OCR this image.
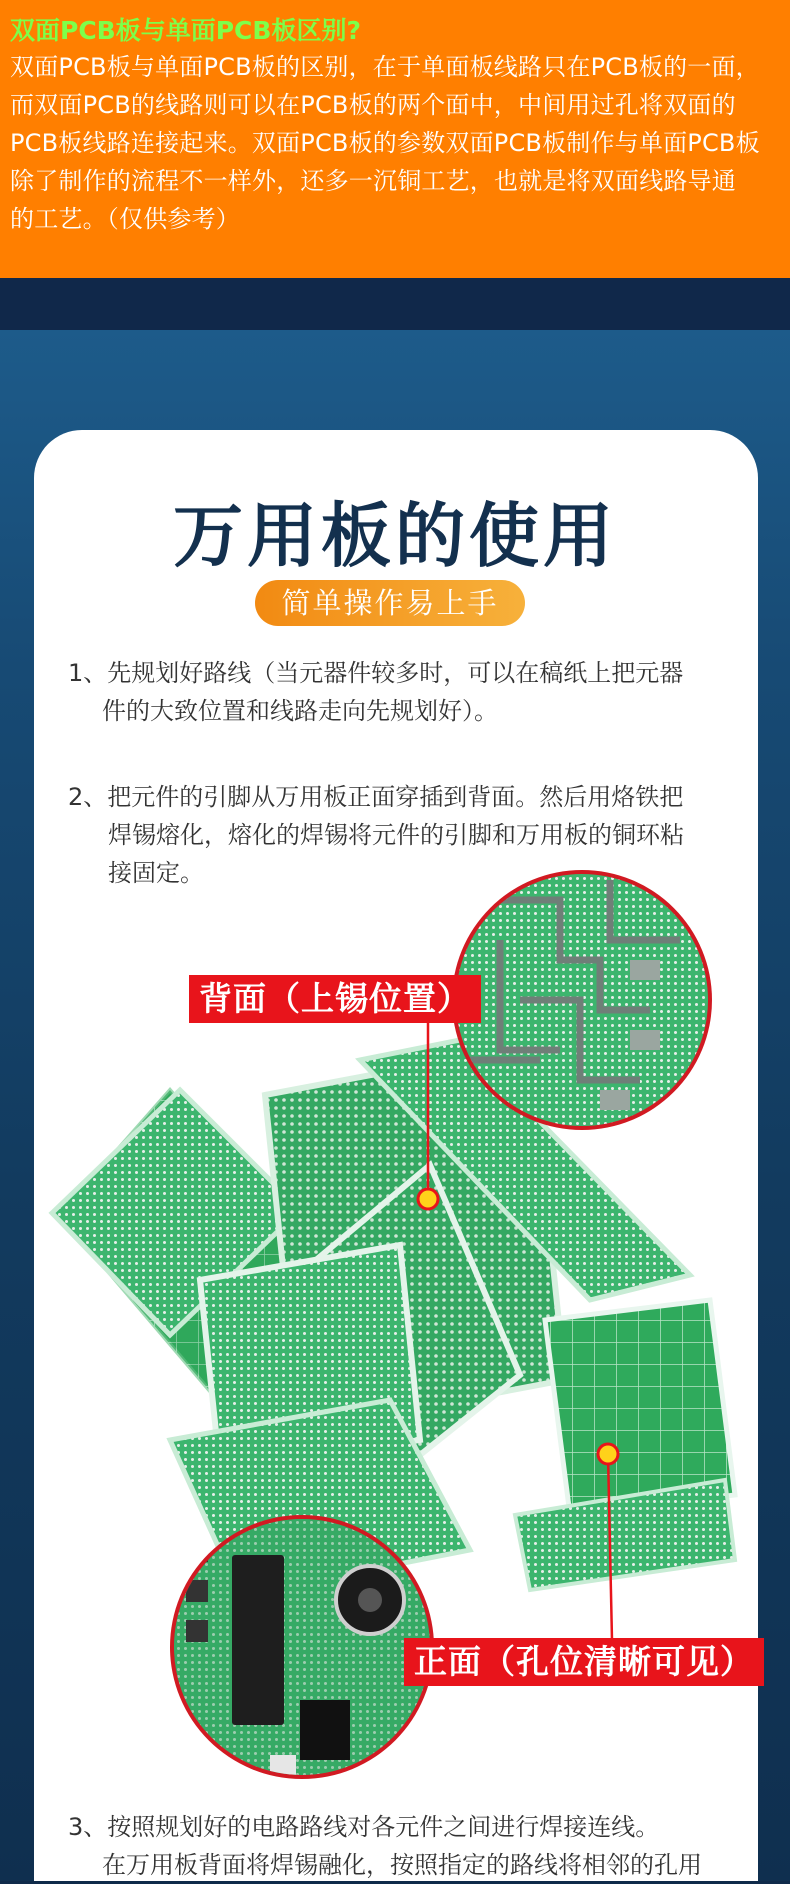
双面PCB板与单面PCB板区别?
双面PCB板与单面PCB板的区别，在于单面板线路只在PCB板的一面，
而双面PCB的线路则可以在PCB板的两个面中，中间用过孔将双面的
PCB板线路连接起来。双面PCB板的参数双面PCB板制作与单面PCB板
除了制作的流程不一样外，还多一沉铜工艺，也就是将双面线路导通
的工艺。（仅供参考）
万用板的使用
简单操作易上手
1、先规划好路线（当元器件较多时，可以在稿纸上把元器
件的大致位置和线路走向先规划好）。
2、把元件的引脚从万用板正面穿插到背面。然后用烙铁把
焊锡熔化，熔化的焊锡将元件的引脚和万用板的铜环粘
接固定。
背面（上锡位置）
正面（孔位清晰可见）
3、按照规划好的电路路线对各元件之间进行焊接连线。
在万用板背面将焊锡融化，按照指定的路线将相邻的孔用
